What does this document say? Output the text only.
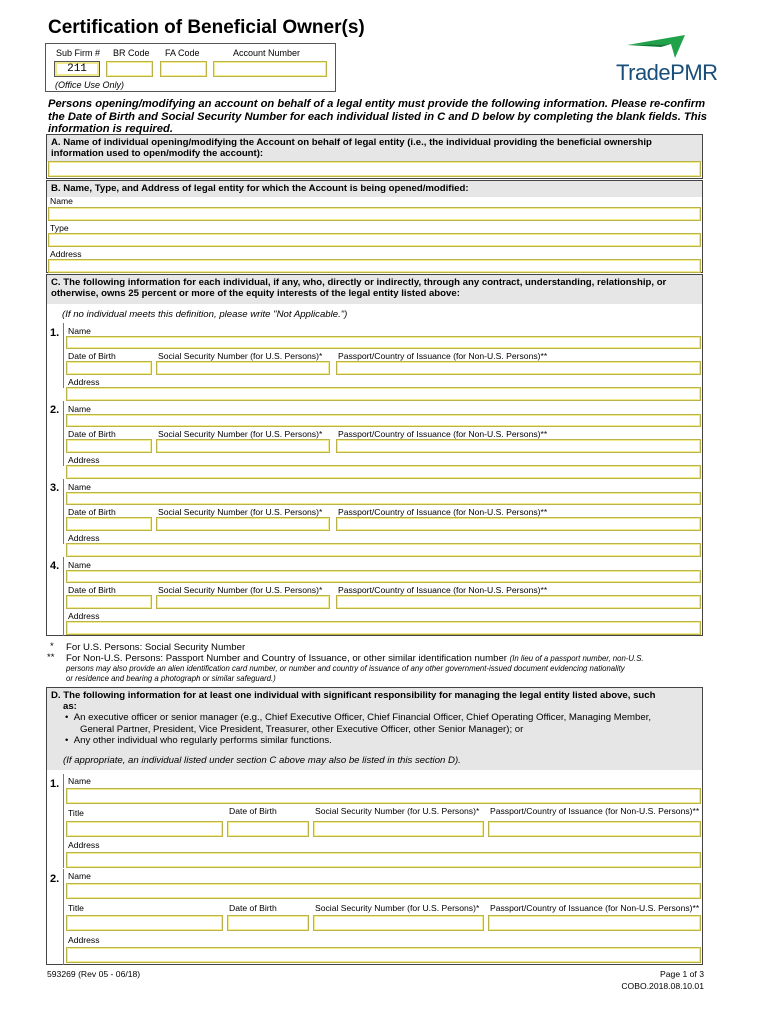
Certification of Beneficial Owner(s)
Sub Firm # BR Code FA Code	Account Number
211
(Office Use Only)	TradePMR
Persons opening/modifying an account on behalf of a legal entity must provide the following information. Please re-confirm the Date of Birth and Social Security Number for each individual listed in C and D below by completing the blank fields. This information is required.
A. Name of individual opening/modifying the Account on behalf of legal entity (i.e., the individual providing the beneficial ownership information used to open/modify the account):
B. Name, Type, and Address of legal entity for which the Account is being opened/modified:
Name
Type
Address
C. The following information for each individual, if any, who, directly or indirectly, through any contract, understanding, relationship, or otherwise, owns 25 percent or more of the equity interests of the legal entity listed above:
(If no individual meets this definition, please write "Not Applicable.")
1. Name
Date of Birth	Social Security Number (for U.S. Persons)* Passport/Country of Issuance (for Non-U.S. Persons)**
Address
2. Name
Date of Birth	Social Security Number (for U.S. Persons)* Passport/Country of Issuance (for Non-U.S. Persons)**
Address
3. Name
Date of Birth	Social Security Number (for U.S. Persons)* Passport/Country of Issuance (for Non-U.S. Persons)**
Address
4. Name
Date of Birth	Social Security Number (for U.S. Persons)* Passport/Country of Issuance (for Non-U.S. Persons)**
Address
*
**
For U.S. Persons: Social Security Number
For Non-U.S. Persons: Passport Number and Country of Issuance, or other similar identification number (In lieu of a passport number, non-U.S.
persons may also provide an alien identification card number, or number and country of issuance of any other government-issued document evidencing nationality
or residence and bearing a photograph or similar safeguard.)
D. The following information for at least one individual with significant responsibility for managing the legal entity listed above, such
as:
•  An executive officer or senior manager (e.g., Chief Executive Officer, Chief Financial Officer, Chief Operating Officer, Managing Member,
General Partner, President, Vice President, Treasurer, other Executive Officer, other Senior Manager); or
•  Any other individual who regularly performs similar functions.
(If appropriate, an individual listed under section C above may also be listed in this section D).
1. Name
Title	Date of Birth	Social Security Number (for U.S. Persons)* Passport/Country of Issuance (for Non-U.S. Persons)**
Address
2. Name
Title	Date of Birth	Social Security Number (for U.S. Persons)* Passport/Country of Issuance (for Non-U.S. Persons)**
Address
593269 (Rev 05 - 06/18)	Page 1 of 3
COBO.2018.08.10.01
